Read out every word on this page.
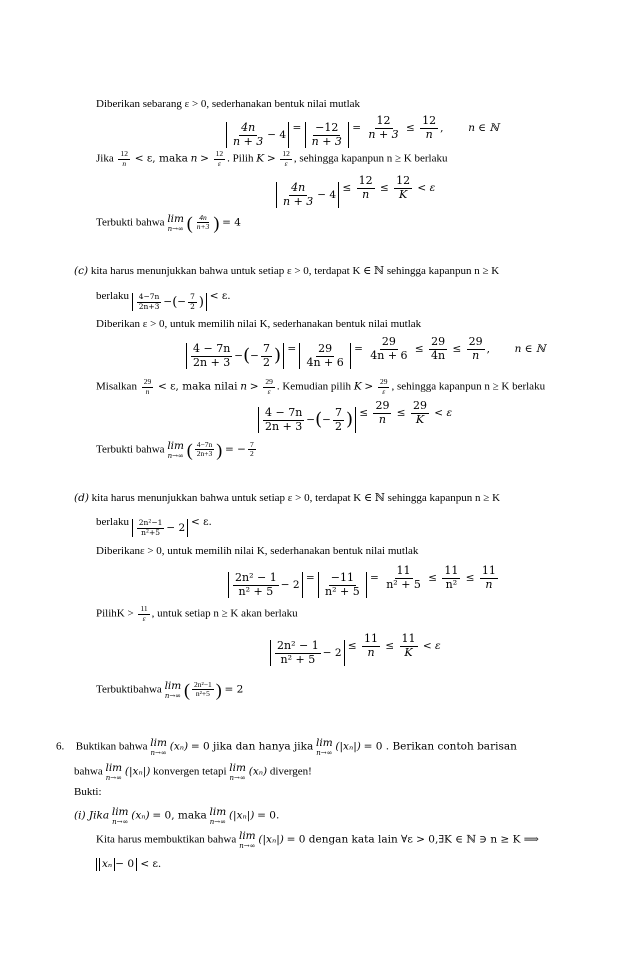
Diberikan sebarang ε > 0, sederhanakan bentuk nilai mutlak
$\frac{4n}{n + 3} - 4 = \frac{-12}{n + 3} = \frac{12}{n + 3} \le \frac{12}{n}$ ,  n ∈ ℕ
Jika $\frac{12}{n} < \varepsilon$, maka $n > \frac{12}{\varepsilon}$ . Pilih $K > \frac{12}{\varepsilon}$ , sehingga kapanpun n ≥ K berlaku
$\frac{4n}{n + 3} - 4 \le \frac{12}{n} \le \frac{12}{K} < \varepsilon$
Terbukti bahwa lim
n→∞ ( $\frac{4n}{n+3}$ ) = 4
(c) kita harus menunjukkan bahwa untuk setiap ε > 0, terdapat K ∈ ℕ sehingga kapanpun n ≥ K
berlaku $\frac{4-7n}{2n+3}$ − ( − $\frac{7}{2}$ ) < ε.
Diberikan ε > 0, untuk memilih nilai K, sederhanakan bentuk nilai mutlak
$\frac{4 - 7n}{2n + 3}$ − ( − $\frac{7}{2}$ ) = $\frac{29}{4n + 6} = \frac{29}{4n + 6} \le \frac{29}{4n} \le \frac{29}{n}$ ,  n ∈ ℕ
Misalkan $\frac{29}{n} < \varepsilon$, maka nilai $n > \frac{29}{\varepsilon}$ . Kemudian pilih $K > \frac{29}{\varepsilon}$ , sehingga kapanpun n ≥ K berlaku
$\frac{4 - 7n}{2n + 3}$ − ( − $\frac{7}{2}$ ) ≤ $\frac{29}{n} \le \frac{29}{K} < \varepsilon$
Terbukti bahwa lim
n→∞ ( $\frac{4-7n}{2n+3}$ ) = − $\frac{7}{2}$
(d) kita harus menunjukkan bahwa untuk setiap ε > 0, terdapat K ∈ ℕ sehingga kapanpun n ≥ K
berlaku $\frac{\text{2n²−1}}{\text{n²+5}} - 2 < \varepsilon$.
Diberikanε > 0, untuk memilih nilai K, sederhanakan bentuk nilai mutlak
$\frac{\text{2n² − 1}}{\text{n² + 5}} - 2 = \frac{-11}{\text{n² + 5}} = \frac{11}{\text{n² + 5}} \le \frac{11}{\text{n²}} \le \frac{11}{n}$
PilihK > $\frac{11}{\varepsilon}$ , untuk setiap n ≥ K akan berlaku
$\frac{\text{2n² − 1}}{\text{n² + 5}} - 2 \le \frac{11}{n} \le \frac{11}{K} < \varepsilon$
Terbuktibahwa lim
n→∞ ( $\frac{\text{2n²−1}}{\text{n²+5}}$ ) = 2
6. Buktikan bahwa lim
n→∞
(xₙ) = 0 jika dan hanya jika lim
n→∞
(|xₙ|) = 0 . Berikan contoh barisan
bahwa lim
n→∞
(|xₙ|) konvergen tetapi lim
n→∞
(xₙ) divergen!
Bukti:
(i) Jika lim
n→∞
(xₙ) = 0, maka lim
n→∞
(|xₙ|) = 0.
Kita harus membuktikan bahwa lim
n→∞
(|xₙ|) = 0 dengan kata lain ∀ε > 0,∃K ∈ ℕ ∋ n ≥ K ⟹
xₙ − 0 < ε.
